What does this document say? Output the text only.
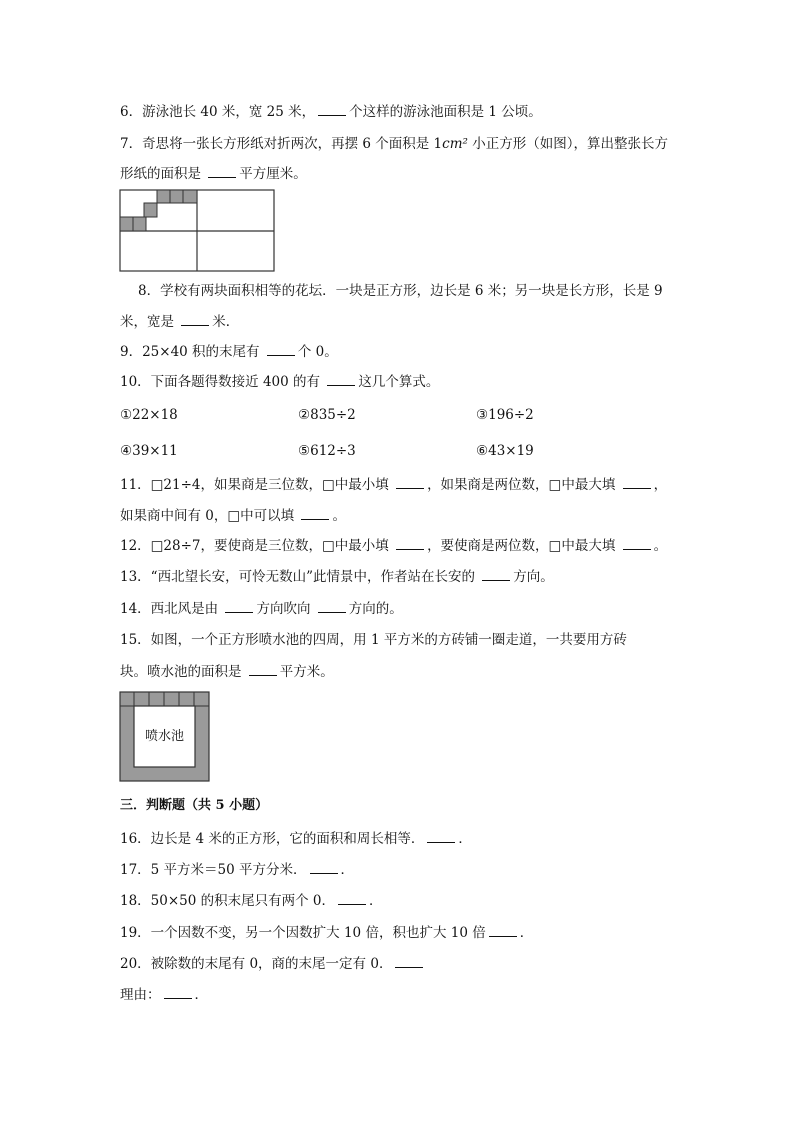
6．游泳池长 40 米，宽 25 米，	个这样的游泳池面积是 1 公顷。
7．奇思将一张长方形纸对折两次，再摆 6 个面积是 1cm² 小正方形（如图），算出整张长方
形纸的面积是	平方厘米。
8．学校有两块面积相等的花坛．一块是正方形，边长是 6 米；另一块是长方形，长是 9
米，宽是	米．
9．25×40 积的末尾有	个 0。
10．下面各题得数接近 400 的有	这几个算式。
①22×18	②835÷2	③196÷2
④39×11	⑤612÷3	⑥43×19
11．□21÷4，如果商是三位数，□中最小填	，如果商是两位数，□中最大填	，
如果商中间有 0，□中可以填	。
12．□28÷7，要使商是三位数，□中最小填	，要使商是两位数，□中最大填	。
13．“西北望长安，可怜无数山”此情景中，作者站在长安的	方向。
14．西北风是由	方向吹向	方向的。
15．如图，一个正方形喷水池的四周，用 1 平方米的方砖铺一圈走道，一共要用方砖
块。喷水池的面积是	平方米。
喷水池
三．判断题（共 5 小题）
16．边长是 4 米的正方形，它的面积和周长相等．	．
17．5 平方米＝50 平方分米．	．
18．50×50 的积末尾只有两个 0．	．
19．一个因数不变，另一个因数扩大 10 倍，积也扩大 10 倍	．
20．被除数的末尾有 0，商的末尾一定有 0．
理由：	．
